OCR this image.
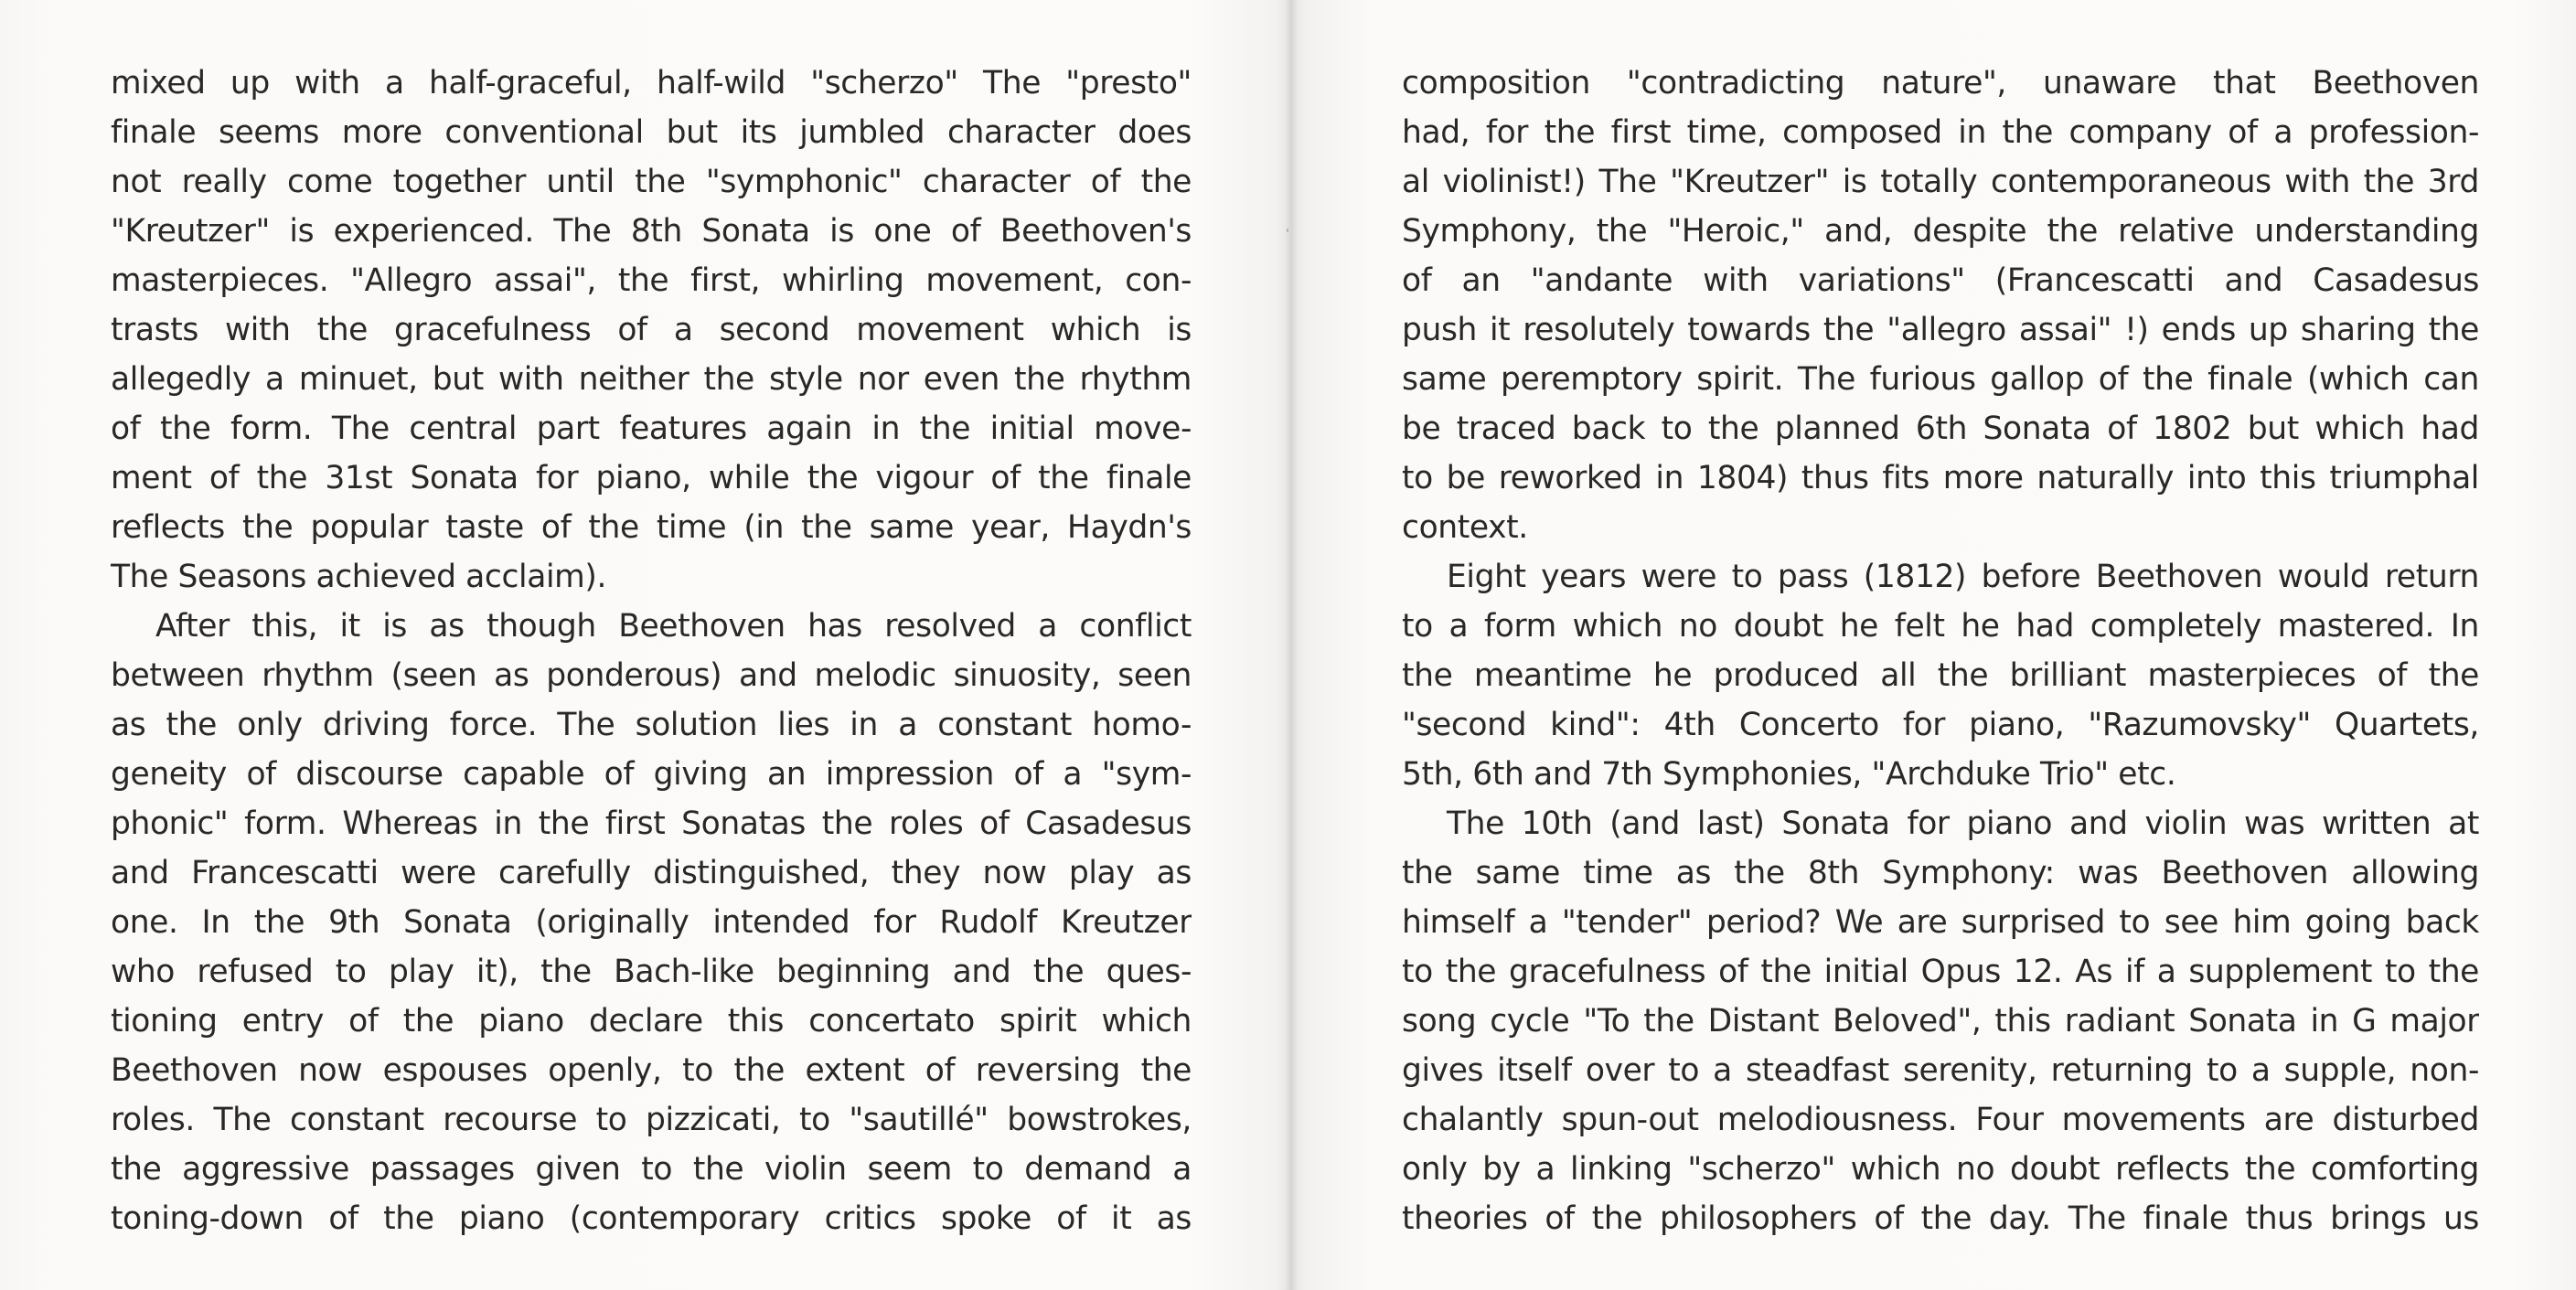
mixed up with a half-graceful, half-wild "scherzo" The "presto"
finale seems more conventional but its jumbled character does
not really come together until the "symphonic" character of the
"Kreutzer" is experienced. The 8th Sonata is one of Beethoven's
masterpieces. "Allegro assai", the first, whirling movement, con-
trasts with the gracefulness of a second movement which is
allegedly a minuet, but with neither the style nor even the rhythm
of the form. The central part features again in the initial move-
ment of the 31st Sonata for piano, while the vigour of the finale
reflects the popular taste of the time (in the same year, Haydn's
The Seasons achieved acclaim).
After this, it is as though Beethoven has resolved a conflict
between rhythm (seen as ponderous) and melodic sinuosity, seen
as the only driving force. The solution lies in a constant homo-
geneity of discourse capable of giving an impression of a "sym-
phonic" form. Whereas in the first Sonatas the roles of Casadesus
and Francescatti were carefully distinguished, they now play as
one. In the 9th Sonata (originally intended for Rudolf Kreutzer
who refused to play it), the Bach-like beginning and the ques-
tioning entry of the piano declare this concertato spirit which
Beethoven now espouses openly, to the extent of reversing the
roles. The constant recourse to pizzicati, to "sautillé" bowstrokes,
the aggressive passages given to the violin seem to demand a
toning-down of the piano (contemporary critics spoke of it as
composition "contradicting nature", unaware that Beethoven
had, for the first time, composed in the company of a profession-
al violinist!) The "Kreutzer" is totally contemporaneous with the 3rd
Symphony, the "Heroic," and, despite the relative understanding
of an "andante with variations" (Francescatti and Casadesus
push it resolutely towards the "allegro assai" !) ends up sharing the
same peremptory spirit. The furious gallop of the finale (which can
be traced back to the planned 6th Sonata of 1802 but which had
to be reworked in 1804) thus fits more naturally into this triumphal
context.
Eight years were to pass (1812) before Beethoven would return
to a form which no doubt he felt he had completely mastered. In
the meantime he produced all the brilliant masterpieces of the
"second kind": 4th Concerto for piano, "Razumovsky" Quartets,
5th, 6th and 7th Symphonies, "Archduke Trio" etc.
The 10th (and last) Sonata for piano and violin was written at
the same time as the 8th Symphony: was Beethoven allowing
himself a "tender" period? We are surprised to see him going back
to the gracefulness of the initial Opus 12. As if a supplement to the
song cycle "To the Distant Beloved", this radiant Sonata in G major
gives itself over to a steadfast serenity, returning to a supple, non-
chalantly spun-out melodiousness. Four movements are disturbed
only by a linking "scherzo" which no doubt reflects the comforting
theories of the philosophers of the day. The finale thus brings us
